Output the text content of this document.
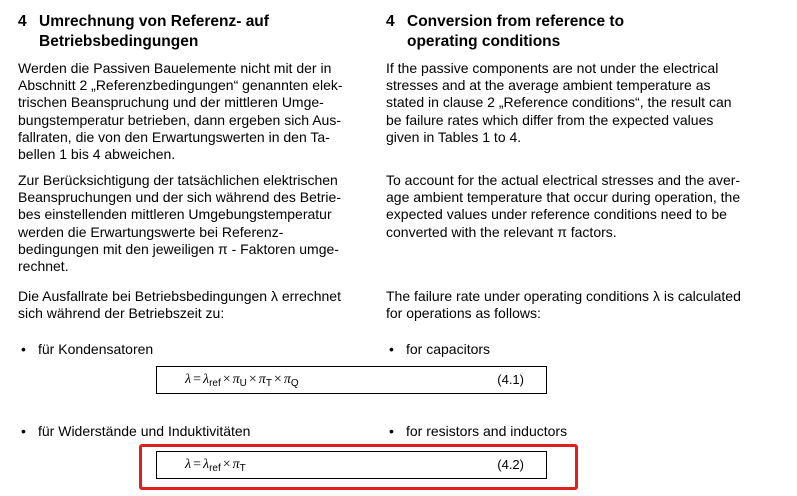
4 Umrechnung von Referenz- auf
Betriebsbedingungen
Werden die Passiven Bauelemente nicht mit der in
Abschnitt 2 „Referenzbedingungen“ genannten elek-
trischen Beanspruchung und der mittleren Umge-
bungstemperatur betrieben, dann ergeben sich Aus-
fallraten, die von den Erwartungswerten in den Ta-
bellen 1 bis 4 abweichen.
Zur Berücksichtigung der tatsächlichen elektrischen
Beanspruchungen und der sich während des Betrie-
bes einstellenden mittleren Umgebungstemperatur
werden die Erwartungswerte bei Referenz-
bedingungen mit den jeweiligen π - Faktoren umge-
rechnet.
Die Ausfallrate bei Betriebsbedingungen λ errechnet
sich während der Betriebszeit zu:
• für Kondensatoren
• für Widerstände und Induktivitäten
4 Conversion from reference to
operating conditions
If the passive components are not under the electrical
stresses and at the average ambient temperature as
stated in clause 2 „Reference conditions“, the result can
be failure rates which differ from the expected values
given in Tables 1 to 4.
To account for the actual electrical stresses and the aver-
age ambient temperature that occur during operation, the
expected values under reference conditions need to be
converted with the relevant π factors.
The failure rate under operating conditions λ is calculated
for operations as follows:
• for capacitors
• for resistors and inductors
$\lambda = \lambda_{ref} \times \pi_U \times \pi_T \times \pi_Q$	(4.1)
$\lambda = \lambda_{ref} \times \pi_T$	(4.2)
